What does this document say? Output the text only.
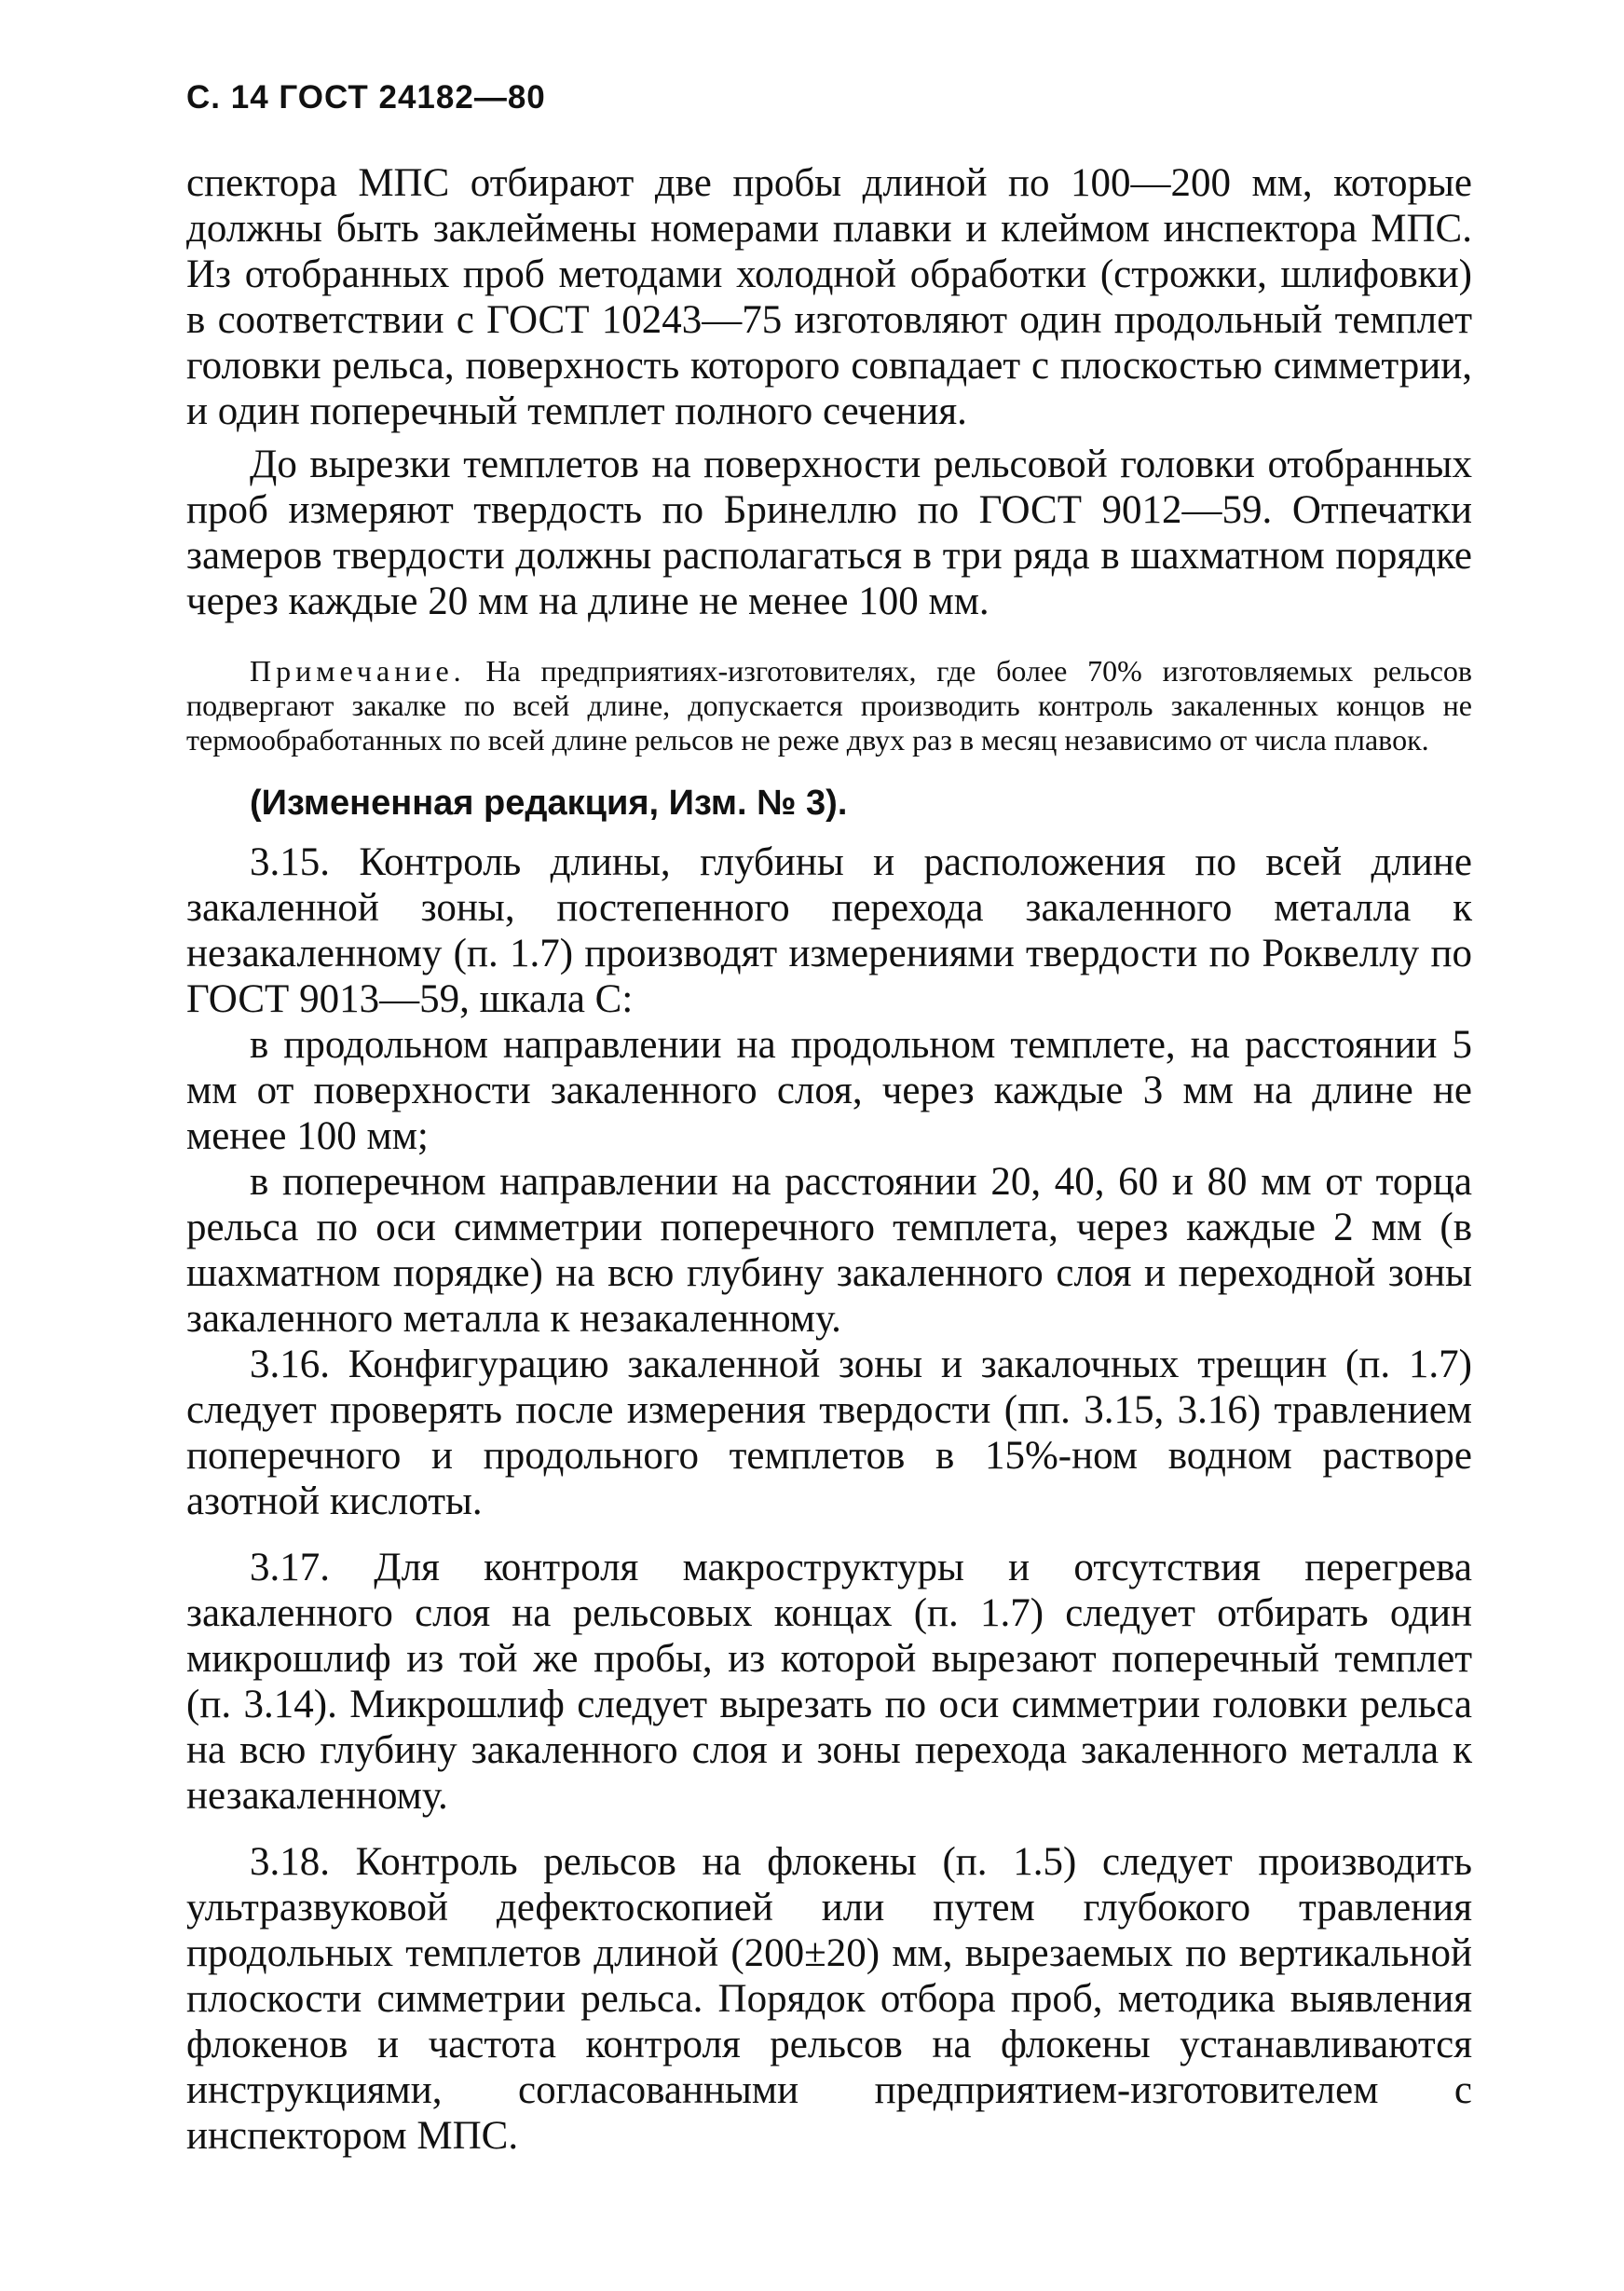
С. 14 ГОСТ 24182—80

спектора МПС отбирают две пробы длиной по 100—200 мм, которые должны быть заклеймены номерами плавки и клеймом инспектора МПС. Из отобранных проб методами холодной обработки (строжки, шлифовки) в соответствии с ГОСТ 10243—75 изготовляют один продольный темплет головки рельса, поверхность которого совпадает с плоскостью симметрии, и один поперечный темплет полного сечения.

До вырезки темплетов на поверхности рельсовой головки отобранных проб измеряют твердость по Бринеллю по ГОСТ 9012—59. Отпечатки замеров твердости должны располагаться в три ряда в шахматном порядке через каждые 20 мм на длине не менее 100 мм.

Примечание. На предприятиях-изготовителях, где более 70% изготовляемых рельсов подвергают закалке по всей длине, допускается производить контроль закаленных концов не термообработанных по всей длине рельсов не реже двух раз в месяц независимо от числа плавок.

(Измененная редакция, Изм. № 3).

3.15. Контроль длины, глубины и расположения по всей длине закаленной зоны, постепенного перехода закаленного металла к незакаленному (п. 1.7) производят измерениями твердости по Роквеллу по ГОСТ 9013—59, шкала С:

в продольном направлении на продольном темплете, на расстоянии 5 мм от поверхности закаленного слоя, через каждые 3 мм на длине не менее 100 мм;

в поперечном направлении на расстоянии 20, 40, 60 и 80 мм от торца рельса по оси симметрии поперечного темплета, через каждые 2 мм (в шахматном порядке) на всю глубину закаленного слоя и переходной зоны закаленного металла к незакаленному.

3.16. Конфигурацию закаленной зоны и закалочных трещин (п. 1.7) следует проверять после измерения твердости (пп. 3.15, 3.16) травлением поперечного и продольного темплетов в 15%-ном водном растворе азотной кислоты.

3.17. Для контроля макроструктуры и отсутствия перегрева закаленного слоя на рельсовых концах (п. 1.7) следует отбирать один микрошлиф из той же пробы, из которой вырезают поперечный темплет (п. 3.14). Микрошлиф следует вырезать по оси симметрии головки рельса на всю глубину закаленного слоя и зоны перехода закаленного металла к незакаленному.

3.18. Контроль рельсов на флокены (п. 1.5) следует производить ультразвуковой дефектоскопией или путем глубокого травления продольных темплетов длиной (200±20) мм, вырезаемых по вертикальной плоскости симметрии рельса. Порядок отбора проб, методика выявления флокенов и частота контроля рельсов на флокены устанавливаются инструкциями, согласованными предприятием-изготовителем с инспектором МПС.
